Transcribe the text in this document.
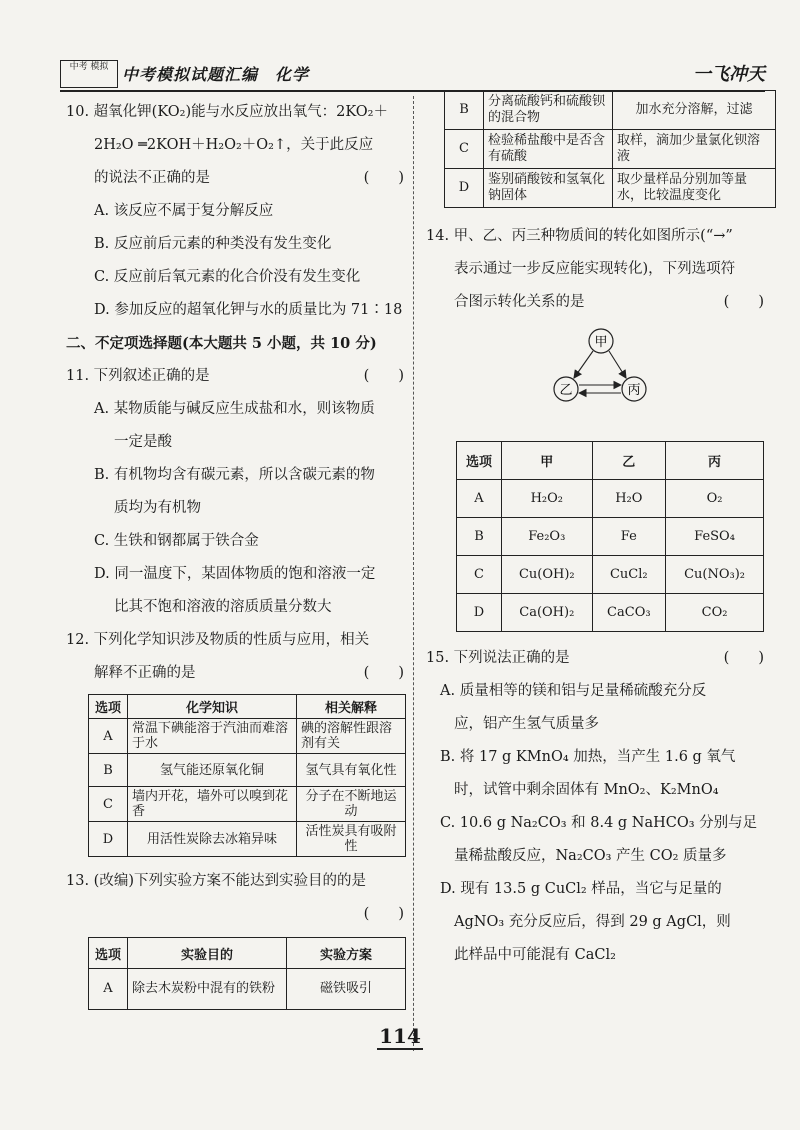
中考 模拟 中考模拟试题汇编　化学	一飞冲天
10. 超氧化钾(KO₂)能与水反应放出氧气：2KO₂＋
2H₂O ═2KOH＋H₂O₂＋O₂↑，关于此反应
的说法不正确的是	(　　)
A. 该反应不属于复分解反应
B. 反应前后元素的种类没有发生变化
C. 反应前后氧元素的化合价没有发生变化
D. 参加反应的超氧化钾与水的质量比为 71∶18
二、不定项选择题(本大题共 5 小题，共 10 分)
11. 下列叙述正确的是	(　　)
A. 某物质能与碱反应生成盐和水，则该物质
一定是酸
B. 有机物均含有碳元素，所以含碳元素的物
质均为有机物
C. 生铁和钢都属于铁合金
D. 同一温度下，某固体物质的饱和溶液一定
比其不饱和溶液的溶质质量分数大
12. 下列化学知识涉及物质的性质与应用，相关
解释不正确的是	(　　)
选项	化学知识	相关解释
A	常温下碘能溶于汽油而难溶于水	碘的溶解性跟溶剂有关
B	氢气能还原氧化铜	氢气具有氧化性
C	墙内开花，墙外可以嗅到花香	分子在不断地运动
D	用活性炭除去冰箱异味	活性炭具有吸附性
13. (改编)下列实验方案不能达到实验目的的是
(　　)
选项	实验目的	实验方案
A	除去木炭粉中混有的铁粉	磁铁吸引
B	分离硫酸钙和硫酸钡的混合物	加水充分溶解，过滤
C	检验稀盐酸中是否含有硫酸	取样，滴加少量氯化钡溶液
D	鉴别硝酸铵和氢氧化钠固体	取少量样品分别加等量水，比较温度变化
14. 甲、乙、丙三种物质间的转化如图所示(“→”
表示通过一步反应能实现转化)，下列选项符
合图示转化关系的是	(　　)
甲
乙	丙
选项	甲	乙	丙
A	H₂O₂	H₂O	O₂
B	Fe₂O₃	Fe	FeSO₄
C	Cu(OH)₂	CuCl₂	Cu(NO₃)₂
D	Ca(OH)₂	CaCO₃	CO₂
15. 下列说法正确的是	(　　)
A. 质量相等的镁和铝与足量稀硫酸充分反
应，铝产生氢气质量多
B. 将 17 g KMnO₄ 加热，当产生 1.6 g 氧气
时，试管中剩余固体有 MnO₂、K₂MnO₄
C. 10.6 g Na₂CO₃ 和 8.4 g NaHCO₃ 分别与足
量稀盐酸反应，Na₂CO₃ 产生 CO₂ 质量多
D. 现有 13.5 g CuCl₂ 样品，当它与足量的
AgNO₃ 充分反应后，得到 29 g AgCl，则
此样品中可能混有 CaCl₂
114
